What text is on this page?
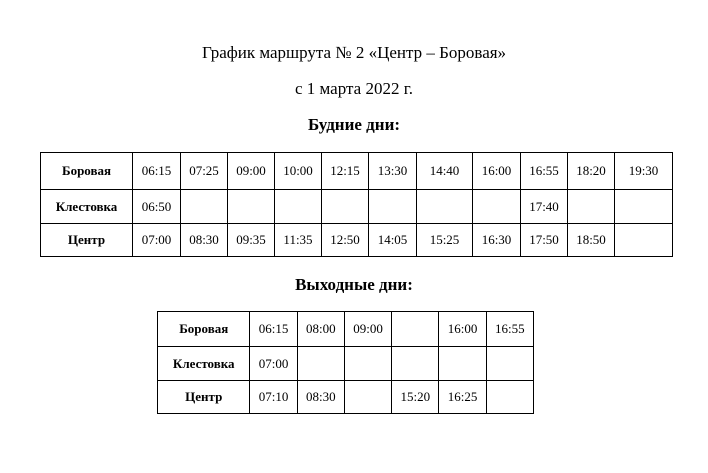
График маршрута № 2 «Центр – Боровая»
с 1 марта 2022 г.
Будние дни:
Боровая	06:15	07:25	09:00	10:00	12:15	13:30	14:40	16:00	16:55	18:20	19:30
Клестовка	06:50								17:40		
Центр	07:00	08:30	09:35	11:35	12:50	14:05	15:25	16:30	17:50	18:50	
Выходные дни:
Боровая	06:15	08:00	09:00		16:00	16:55
Клестовка	07:00					
Центр	07:10	08:30		15:20	16:25	
